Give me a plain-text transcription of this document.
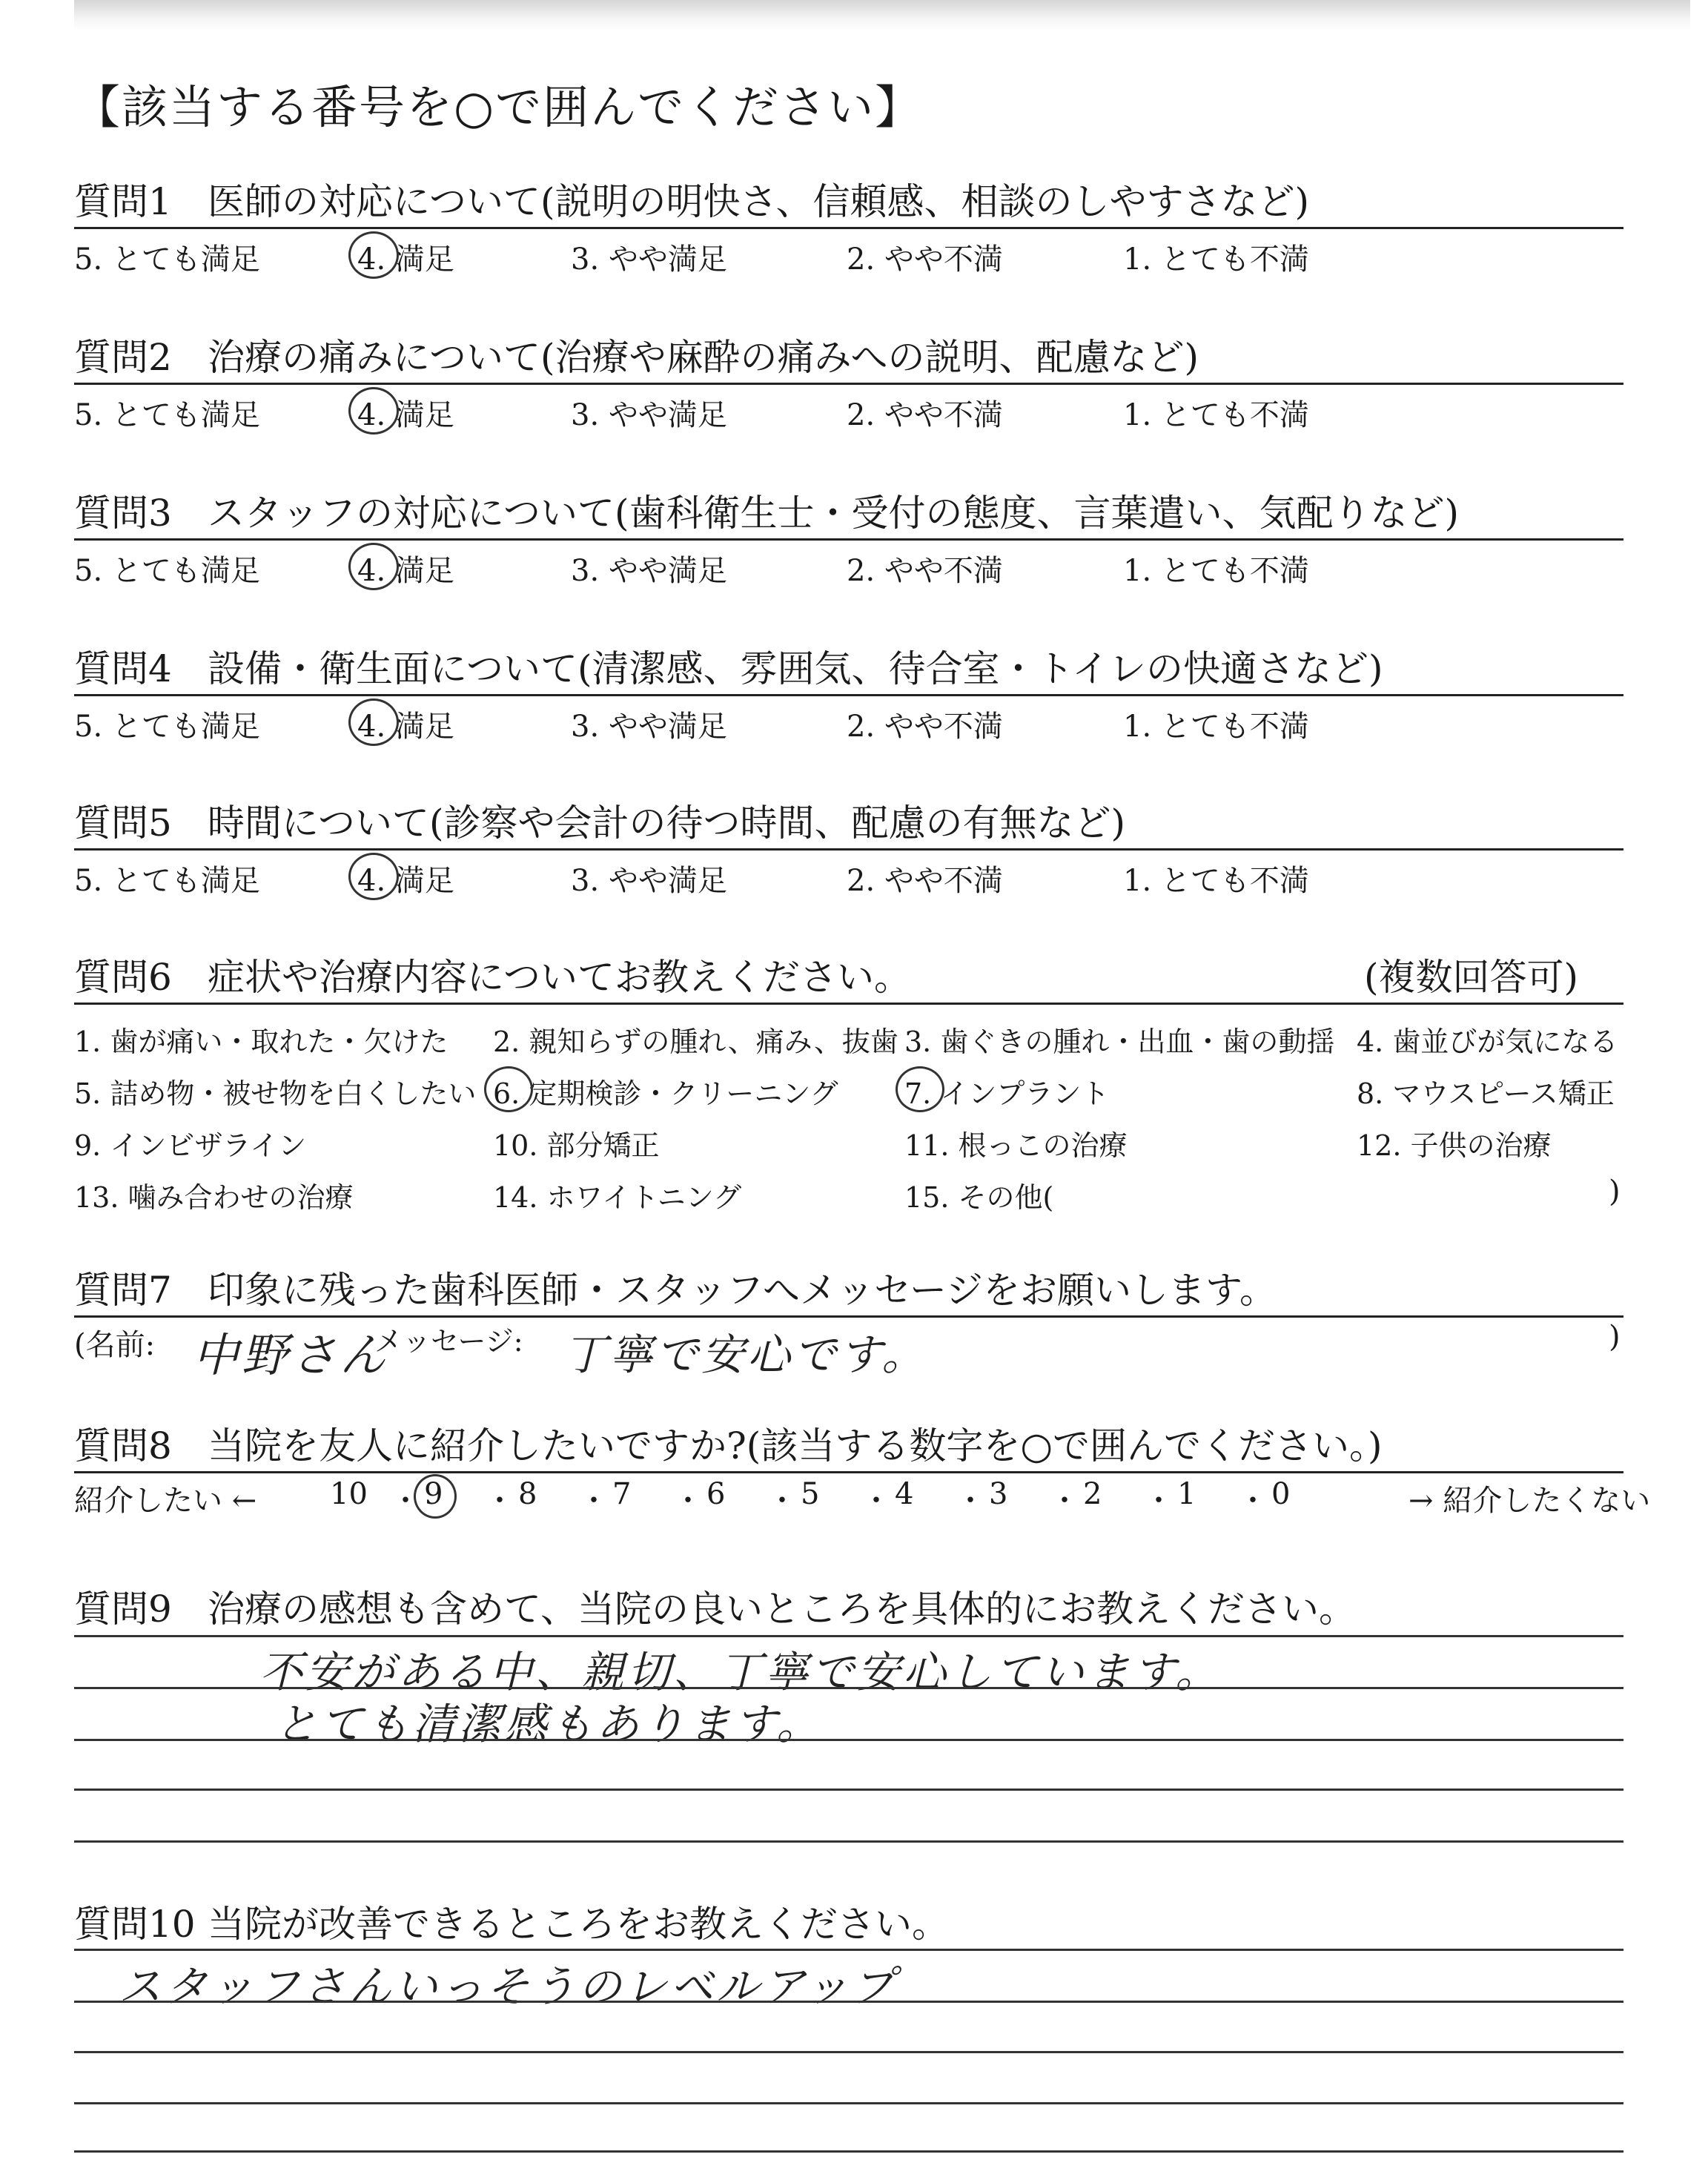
【該当する番号を○で囲んでください】
質問1 医師の対応について(説明の明快さ、信頼感、相談のしやすさなど)
5. とても満足	4. 満足	3. やや満足	2. やや不満	1. とても不満
質問2 治療の痛みについて(治療や麻酔の痛みへの説明、配慮など)
5. とても満足	4. 満足	3. やや満足	2. やや不満	1. とても不満
質問3 スタッフの対応について(歯科衛生士・受付の態度、言葉遣い、気配りなど)
5. とても満足	4. 満足	3. やや満足	2. やや不満	1. とても不満
質問4 設備・衛生面について(清潔感、雰囲気、待合室・トイレの快適さなど)
5. とても満足	4. 満足	3. やや満足	2. やや不満	1. とても不満
質問5 時間について(診察や会計の待つ時間、配慮の有無など)
5. とても満足	4. 満足	3. やや満足	2. やや不満	1. とても不満
質問6 症状や治療内容についてお教えください。	(複数回答可)
1. 歯が痛い・取れた・欠けた 2. 親知らずの腫れ、痛み、抜歯 3. 歯ぐきの腫れ・出血・歯の動揺 4. 歯並びが気になる
5. 詰め物・被せ物を白くしたい 6. 定期検診・クリーニング 7. インプラント	8. マウスピース矯正
9. インビザライン	10. 部分矯正	11. 根っこの治療	12. 子供の治療
13. 噛み合わせの治療	14. ホワイトニング	15. その他(	)
質問7 印象に残った歯科医師・スタッフへメッセージをお願いします。
(名前: 中野さん
メッセージ: 丁寧で安心です。	)
質問8 当院を友人に紹介したいですか?(該当する数字を○で囲んでください。)
紹介したい ← 10 ・ 9 ・ 8 ・ 7 ・ 6 ・ 5 ・ 4 ・ 3 ・ 2 ・ 1 ・ 0	→ 紹介したくない
質問9 治療の感想も含めて、当院の良いところを具体的にお教えください。
不安がある中、親切、丁寧で安心しています。
とても清潔感もあります。
質問10 当院が改善できるところをお教えください。
スタッフさんいっそうのレベルアップ
